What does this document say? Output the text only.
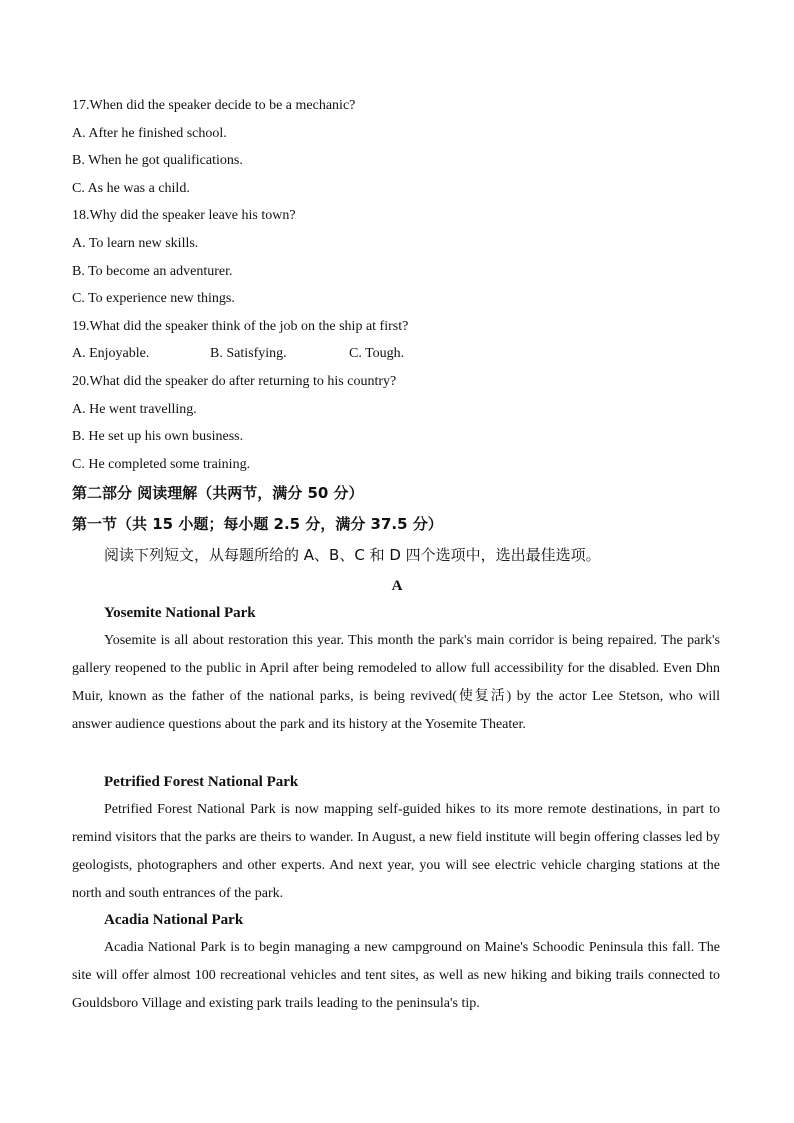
17.When did the speaker decide to be a mechanic?
A. After he finished school.
B. When he got qualifications.
C. As he was a child.
18.Why did the speaker leave his town?
A. To learn new skills.
B. To become an adventurer.
C. To experience new things.
19.What did the speaker think of the job on the ship at first?
A. Enjoyable.	B. Satisfying.	C. Tough.
20.What did the speaker do after returning to his country?
A. He went travelling.
B. He set up his own business.
C. He completed some training.
第二部分 阅读理解（共两节，满分 50 分）
第一节（共 15 小题；每小题 2.5 分，满分 37.5 分）
阅读下列短文，从每题所给的 A、B、C 和 D 四个选项中，选出最佳选项。
A
Yosemite National Park

Yosemite is all about restoration this year. This month the park's main corridor is being repaired. The park's gallery reopened to the public in April after being remodeled to allow full accessibility for the disabled. Even Dhn Muir, known as the father of the national parks, is being revived(使复活) by the actor Lee Stetson, who will answer audience questions about the park and its history at the Yosemite Theater.

Petrified Forest National Park

Petrified Forest National Park is now mapping self-guided hikes to its more remote destinations, in part to remind visitors that the parks are theirs to wander. In August, a new field institute will begin offering classes led by geologists, photographers and other experts. And next year, you will see electric vehicle charging stations at the north and south entrances of the park.

Acadia National Park

Acadia National Park is to begin managing a new campground on Maine's Schoodic Peninsula this fall. The site will offer almost 100 recreational vehicles and tent sites, as well as new hiking and biking trails connected to Gouldsboro Village and existing park trails leading to the peninsula's tip.
